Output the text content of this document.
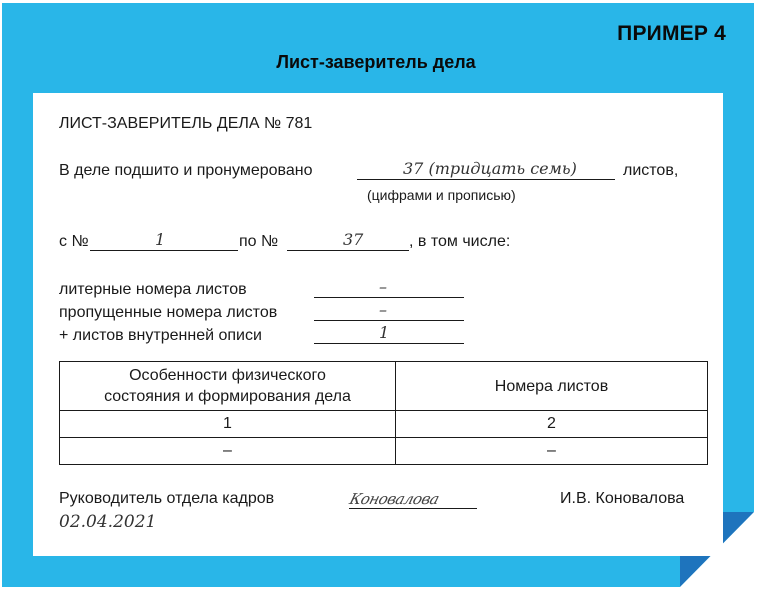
ПРИМЕР 4
Лист-заверитель дела
ЛИСТ-ЗАВЕРИТЕЛЬ ДЕЛА № 781
В деле подшито и пронумеровано	37 (тридцать семь)	листов,
(цифрами и прописью)
с №	1	по №	37	, в том числе:
литерные номера листов	–
пропущенные номера листов	–
+ листов внутренней описи	1
Особенности физического
состояния и формирования дела	Номера листов
1	2
–	–
Руководитель отдела кадров	Коновалова	И.В. Коновалова
02.04.2021
